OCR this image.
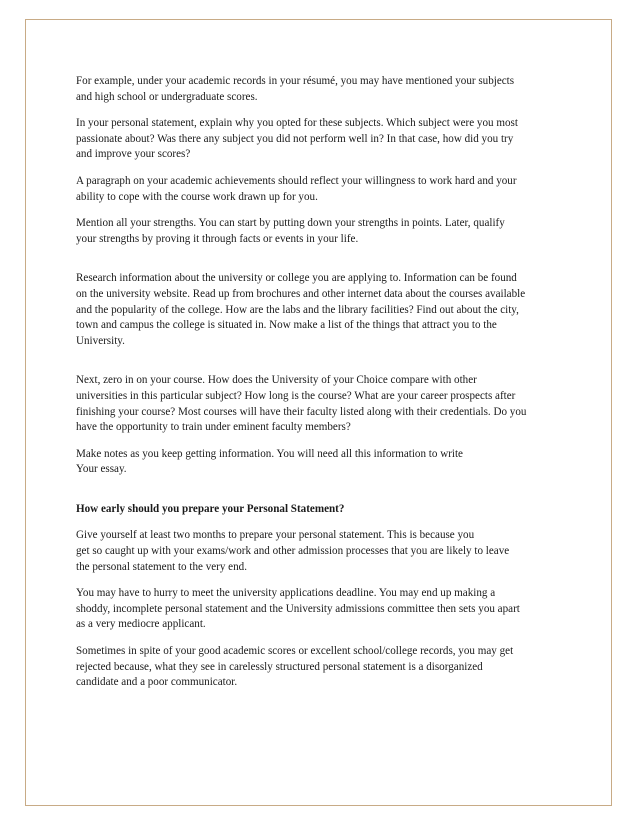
For example, under your academic records in your résumé, you may have mentioned your subjects
and high school or undergraduate scores.

In your personal statement, explain why you opted for these subjects. Which subject were you most
passionate about? Was there any subject you did not perform well in? In that case, how did you try
and improve your scores?

A paragraph on your academic achievements should reflect your willingness to work hard and your
ability to cope with the course work drawn up for you.

Mention all your strengths. You can start by putting down your strengths in points. Later, qualify
your strengths by proving it through facts or events in your life.

Research information about the university or college you are applying to. Information can be found
on the university website. Read up from brochures and other internet data about the courses available
and the popularity of the college. How are the labs and the library facilities? Find out about the city,
town and campus the college is situated in. Now make a list of the things that attract you to the
University.

Next, zero in on your course. How does the University of your Choice compare with other
universities in this particular subject? How long is the course? What are your career prospects after
finishing your course? Most courses will have their faculty listed along with their credentials. Do you
have the opportunity to train under eminent faculty members?

Make notes as you keep getting information. You will need all this information to write
Your essay.

How early should you prepare your Personal Statement?

Give yourself at least two months to prepare your personal statement. This is because you
get so caught up with your exams/work and other admission processes that you are likely to leave
the personal statement to the very end.

You may have to hurry to meet the university applications deadline. You may end up making a
shoddy, incomplete personal statement and the University admissions committee then sets you apart
as a very mediocre applicant.

Sometimes in spite of your good academic scores or excellent school/college records, you may get
rejected because, what they see in carelessly structured personal statement is a disorganized
candidate and a poor communicator.
